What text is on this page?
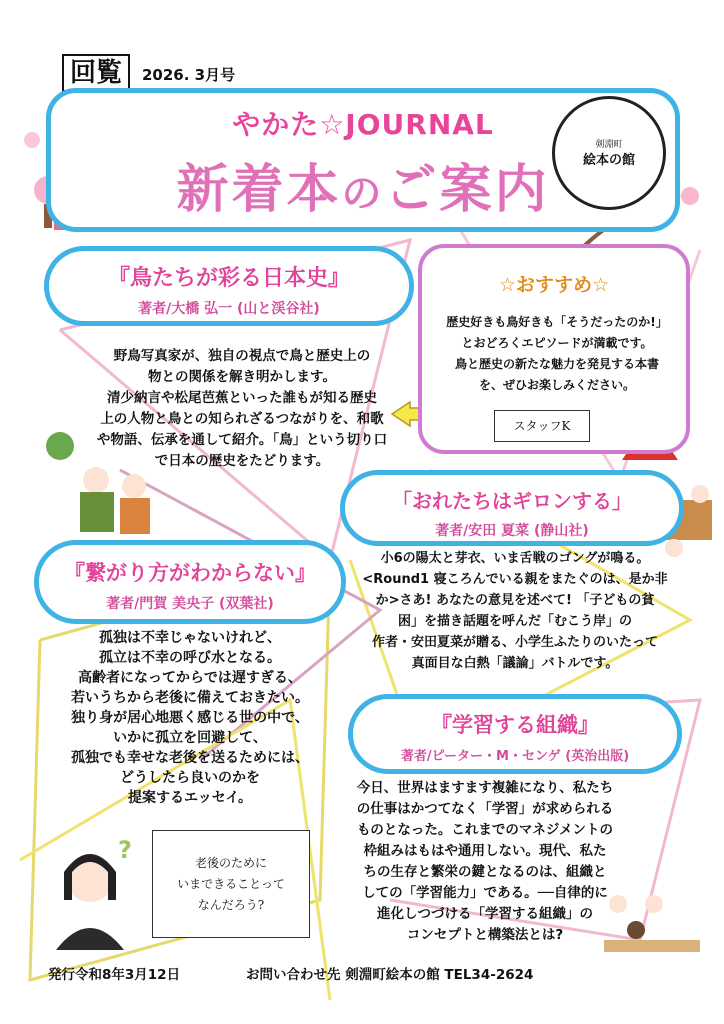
?
回覧	2026. 3月号
やかた☆JOURNAL
新着本のご案内
剣淵町
絵本の館
『鳥たちが彩る日本史』
著者/大橋 弘一 (山と渓谷社)
野鳥写真家が、独自の視点で鳥と歴史上の
物との関係を解き明かします。
清少納言や松尾芭蕉といった誰もが知る歴史
上の人物と鳥との知られざるつながりを、和歌
や物語、伝承を通して紹介。「鳥」という切り口
で日本の歴史をたどります。
☆おすすめ☆
歴史好きも鳥好きも「そうだったのか!」
とおどろくエピソードが満載です。
鳥と歴史の新たな魅力を発見する本書
を、ぜひお楽しみください。
スタッフK
「おれたちはギロンする」
著者/安田 夏菜 (静山社)
小6の陽太と芽衣、いま舌戦のゴングが鳴る。
<Round1 寝ころんでいる親をまたぐのは、是か非
か>さあ! あなたの意見を述べて! 「子どもの貧
困」を描き話題を呼んだ「むこう岸」の
作者・安田夏菜が贈る、小学生ふたりのいたって
真面目な白熱「議論」バトルです。
『繋がり方がわからない』
著者/門賀 美央子 (双葉社)
孤独は不幸じゃないけれど、
孤立は不幸の呼び水となる。
高齢者になってからでは遅すぎる、
若いうちから老後に備えておきたい。
独り身が居心地悪く感じる世の中で、
いかに孤立を回避して、
孤独でも幸せな老後を送るためには、
どうしたら良いのかを
提案するエッセイ。
『学習する組織』
著者/ピーター・M・センゲ (英治出版)
今日、世界はますます複雑になり、私たち
の仕事はかつてなく「学習」が求められる
ものとなった。これまでのマネジメントの
枠組みはもはや通用しない。現代、私た
ちの生存と繁栄の鍵となるのは、組織と
しての「学習能力」である。──自律的に
進化しつづける「学習する組織」の
コンセプトと構築法とは?
老後のために
いまできることって
なんだろう?
発行令和8年3月12日	お問い合わせ先 剣淵町絵本の館 TEL34-2624
